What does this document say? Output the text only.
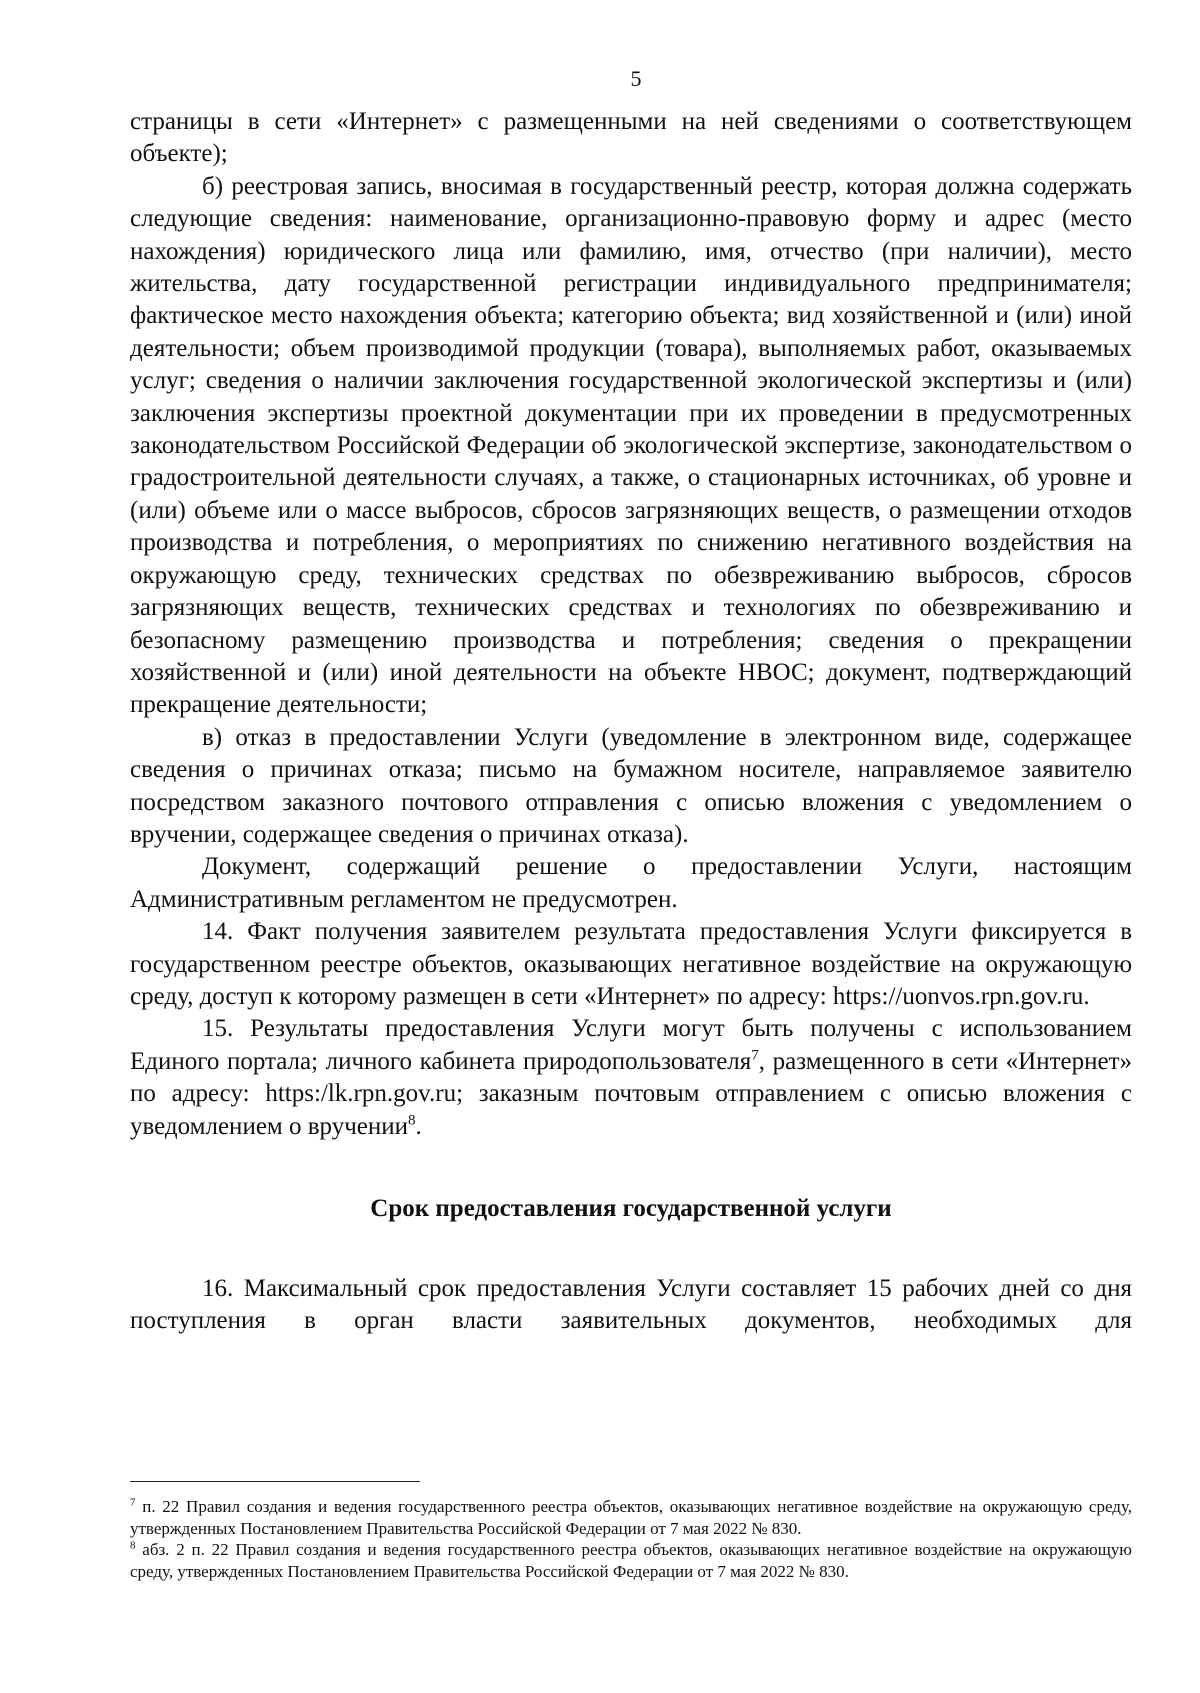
5

страницы в сети «Интернет» с размещенными на ней сведениями о соответствующем объекте);

б) реестровая запись, вносимая в государственный реестр, которая должна содержать следующие сведения: наименование, организационно-правовую форму и адрес (место нахождения) юридического лица или фамилию, имя, отчество (при наличии), место жительства, дату государственной регистрации индивидуального предпринимателя; фактическое место нахождения объекта; категорию объекта; вид хозяйственной и (или) иной деятельности; объем производимой продукции (товара), выполняемых работ, оказываемых услуг; сведения о наличии заключения государственной экологической экспертизы и (или) заключения экспертизы проектной документации при их проведении в предусмотренных законодательством Российской Федерации об экологической экспертизе, законодательством о градостроительной деятельности случаях, а также, о стационарных источниках, об уровне и (или) объеме или о массе выбросов, сбросов загрязняющих веществ, о размещении отходов производства и потребления, о мероприятиях по снижению негативного воздействия на окружающую среду, технических средствах по обезвреживанию выбросов, сбросов загрязняющих веществ, технических средствах и технологиях по обезвреживанию и безопасному размещению производства и потребления; сведения о прекращении хозяйственной и (или) иной деятельности на объекте НВОС; документ, подтверждающий прекращение деятельности;

в) отказ в предоставлении Услуги (уведомление в электронном виде, содержащее сведения о причинах отказа; письмо на бумажном носителе, направляемое заявителю посредством заказного почтового отправления с описью вложения с уведомлением о вручении, содержащее сведения о причинах отказа).

Документ, содержащий решение о предоставлении Услуги, настоящим Административным регламентом не предусмотрен.

14. Факт получения заявителем результата предоставления Услуги фиксируется в государственном реестре объектов, оказывающих негативное воздействие на окружающую среду, доступ к которому размещен в сети «Интернет» по адресу: https://uonvos.rpn.gov.ru.

15. Результаты предоставления Услуги могут быть получены с использованием Единого портала; личного кабинета природопользователя$^7$, размещенного в сети «Интернет» по адресу: https:/lk.rpn.gov.ru; заказным почтовым отправлением с описью вложения с уведомлением о вручении$^8$.

Срок предоставления государственной услуги

16. Максимальный срок предоставления Услуги составляет 15 рабочих дней со дня поступления в орган власти заявительных документов, необходимых для

$^7$ п. 22 Правил создания и ведения государственного реестра объектов, оказывающих негативное воздействие на окружающую среду, утвержденных Постановлением Правительства Российской Федерации от 7 мая 2022 № 830.

$^8$ абз. 2 п. 22 Правил создания и ведения государственного реестра объектов, оказывающих негативное воздействие на окружающую среду, утвержденных Постановлением Правительства Российской Федерации от 7 мая 2022 № 830.
